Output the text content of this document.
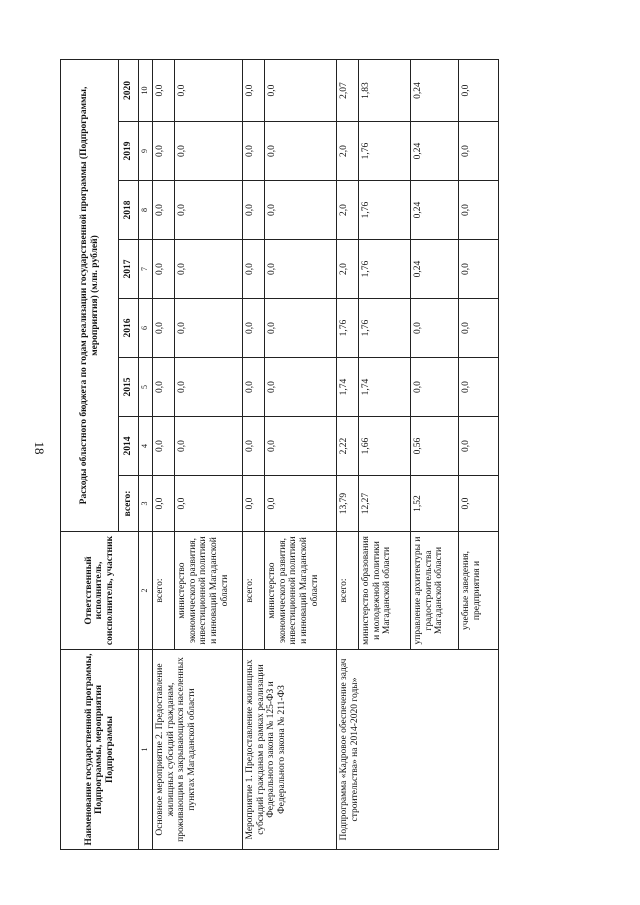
18
Наименование государственной программы, Подпрограммы, мероприятия Подпрограммы	Ответственный исполнитель, соисполнитель, участник	Расходы областного бюджета по годам реализации государственной программы (Подпрограммы, мероприятия) (млн. рублей)							
		всего:	2014	2015	2016	2017	2018	2019	2020
1	2	3	4	5	6	7	8	9	10
Основное мероприятие 2. Предоставление жилищных субсидий гражданам, проживающим в закрывающихся населенных пунктах Магаданской области	всего:	0,0	0,0	0,0	0,0	0,0	0,0	0,0	0,0
	министерство экономического развития, инвестиционной политики и инноваций Магаданской области	0,0	0,0	0,0	0,0	0,0	0,0	0,0	0,0
Мероприятие 1. Предоставление жилищных субсидий гражданам в рамках реализации Федерального закона № 125-ФЗ и Федерального закона № 211-ФЗ	всего:	0,0	0,0	0,0	0,0	0,0	0,0	0,0	0,0
	министерство экономического развития, инвестиционной политики и инноваций Магаданской области	0,0	0,0	0,0	0,0	0,0	0,0	0,0	0,0
Подпрограмма «Кадровое обеспечение задач строительства» на 2014-2020 годы»	всего:	13,79	2,22	1,74	1,76	2,0	2,0	2,0	2,07
	министерство образования и молодежной политики Магаданской области	12,27	1,66	1,74	1,76	1,76	1,76	1,76	1,83
	управление архитектуры и градостроительства Магаданской области	1,52	0,56	0,0	0,0	0,24	0,24	0,24	0,24
	учебные заведения, предприятия и	0,0	0,0	0,0	0,0	0,0	0,0	0,0	0,0
